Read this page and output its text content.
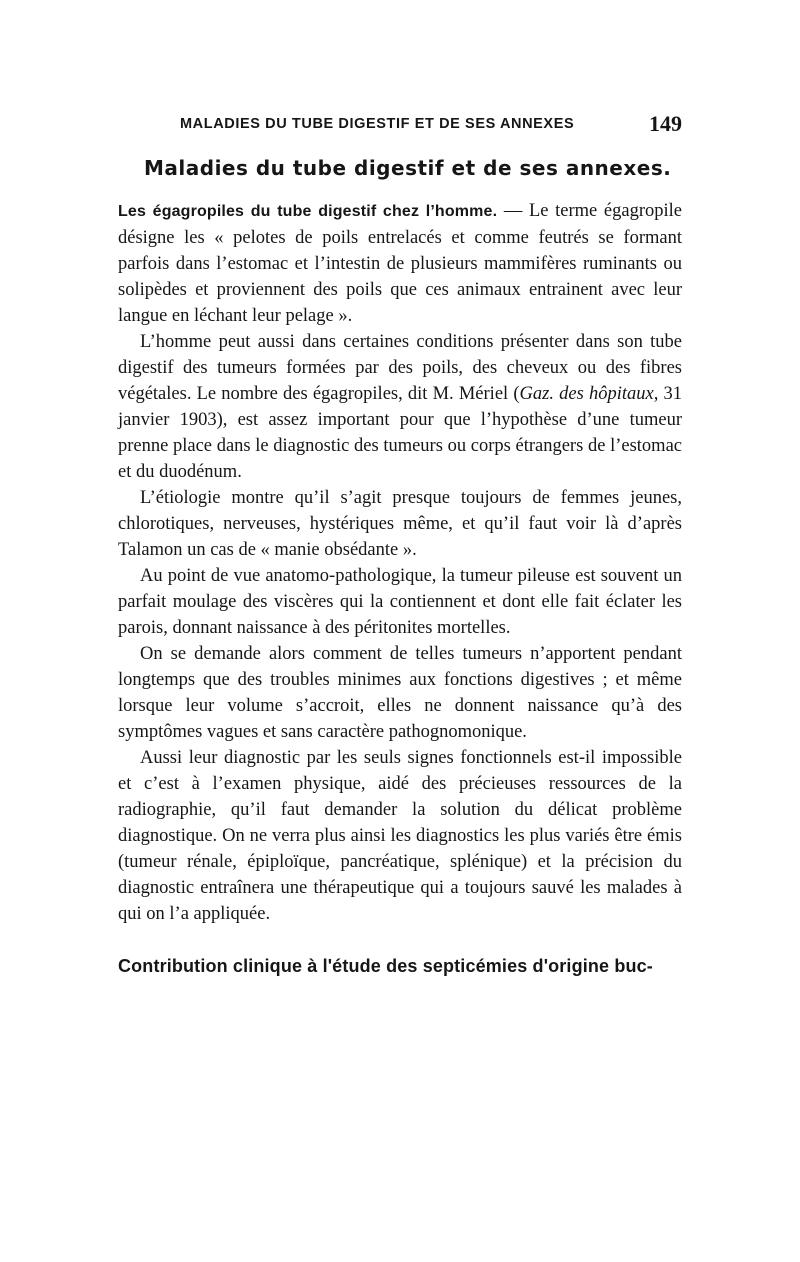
MALADIES DU TUBE DIGESTIF ET DE SES ANNEXES	149
Maladies du tube digestif et de ses annexes.

Les égagropiles du tube digestif chez l’homme. — Le terme égagropile désigne les « pelotes de poils entrelacés et comme feutrés se formant parfois dans l’estomac et l’intestin de plusieurs mammifères ruminants ou solipèdes et proviennent des poils que ces animaux entrainent avec leur langue en léchant leur pelage ».

L’homme peut aussi dans certaines conditions présenter dans son tube digestif des tumeurs formées par des poils, des cheveux ou des fibres végétales. Le nombre des égagropiles, dit M. Mériel (Gaz. des hôpitaux, 31 janvier 1903), est assez important pour que l’hypothèse d’une tumeur prenne place dans le diagnostic des tumeurs ou corps étrangers de l’estomac et du duodénum.

L’étiologie montre qu’il s’agit presque toujours de femmes jeunes, chlorotiques, nerveuses, hystériques même, et qu’il faut voir là d’après Talamon un cas de « manie obsédante ».

Au point de vue anatomo-pathologique, la tumeur pileuse est souvent un parfait moulage des viscères qui la contiennent et dont elle fait éclater les parois, donnant naissance à des péritonites mortelles.

On se demande alors comment de telles tumeurs n’apportent pendant longtemps que des troubles minimes aux fonctions digestives ; et même lorsque leur volume s’accroit, elles ne donnent naissance qu’à des symptômes vagues et sans caractère pathognomonique.

Aussi leur diagnostic par les seuls signes fonctionnels est-il impossible et c’est à l’examen physique, aidé des précieuses ressources de la radiographie, qu’il faut demander la solution du délicat problème diagnostique. On ne verra plus ainsi les diagnostics les plus variés être émis (tumeur rénale, épiploïque, pancréatique, splénique) et la précision du diagnostic entraînera une thérapeutique qui a toujours sauvé les malades à qui on l’a appliquée.

Contribution clinique à l'étude des septicémies d'origine buc-
